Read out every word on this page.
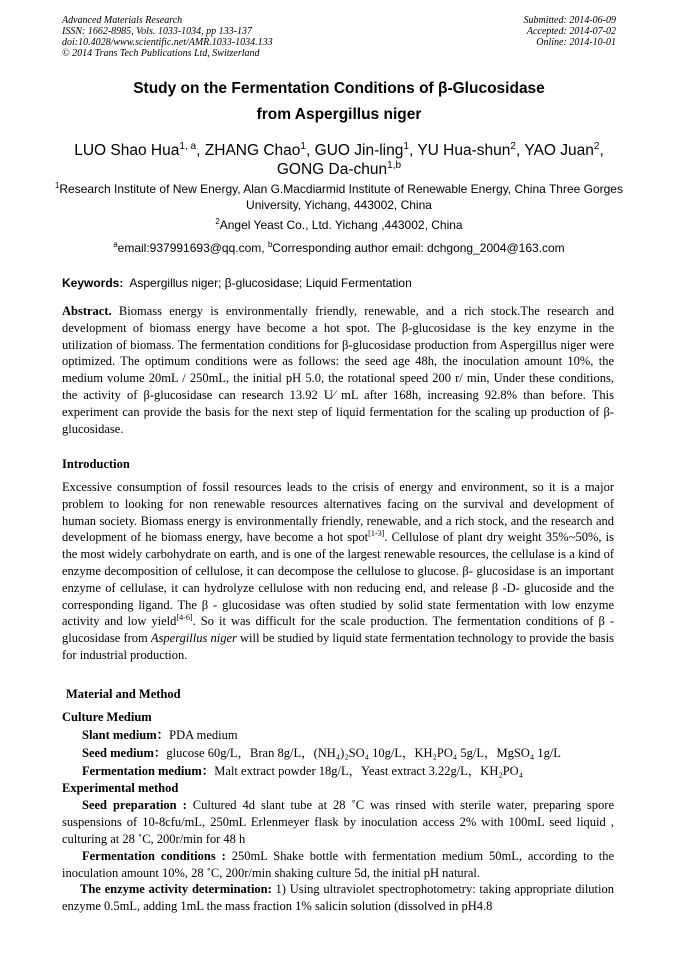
Advanced Materials Research
ISSN: 1662-8985, Vols. 1033-1034, pp 133-137
doi:10.4028/www.scientific.net/AMR.1033-1034.133
© 2014 Trans Tech Publications Ltd, Switzerland
Submitted: 2014-06-09
Accepted: 2014-07-02
Online: 2014-10-01
Study on the Fermentation Conditions of β-Glucosidase
from Aspergillus niger
LUO Shao Hua$^{1, a}$, ZHANG Chao$^1$, GUO Jin-ling$^1$, YU Hua-shun$^2$, YAO Juan$^2$,
GONG Da-chun$^{1,b}$
$^1$Research Institute of New Energy, Alan G.Macdiarmid Institute of Renewable Energy, China Three Gorges University, Yichang, 443002, China
$^2$Angel Yeast Co., Ltd. Yichang ,443002, China
$^a$email:937991693@qq.com, $^b$Corresponding author email: dchgong_2004@163.com
Keywords: Aspergillus niger; β-glucosidase; Liquid Fermentation
Abstract. Biomass energy is environmentally friendly, renewable, and a rich stock.The research and development of biomass energy have become a hot spot. The β-glucosidase is the key enzyme in the utilization of biomass. The fermentation conditions for β-glucosidase production from Aspergillus niger were optimized. The optimum conditions were as follows: the seed age 48h, the inoculation amount 10%, the medium volume 20mL / 250mL, the initial pH 5.0, the rotational speed 200 r/ min, Under these conditions, the activity of β-glucosidase can research 13.92 U⁄ mL after 168h, increasing 92.8% than before. This experiment can provide the basis for the next step of liquid fermentation for the scaling up production of β- glucosidase.
Introduction
Excessive consumption of fossil resources leads to the crisis of energy and environment, so it is a major problem to looking for non renewable resources alternatives facing on the survival and development of human society. Biomass energy is environmentally friendly, renewable, and a rich stock, and the research and development of he biomass energy, have become a hot spot[1-3]. Cellulose of plant dry weight 35%~50%, is the most widely carbohydrate on earth, and is one of the largest renewable resources, the cellulase is a kind of enzyme decomposition of cellulose, it can decompose the cellulose to glucose. β- glucosidase is an important enzyme of cellulase, it can hydrolyze cellulose with non reducing end, and release β -D- glucoside and the corresponding ligand. The β - glucosidase was often studied by solid state fermentation with low enzyme activity and low yield[4-6]. So it was difficult for the scale production. The fermentation conditions of β - glucosidase from Aspergillus niger will be studied by liquid state fermentation technology to provide the basis for industrial production.
Material and Method
Culture Medium
Slant medium：PDA medium
Seed medium：glucose 60g/L，Bran 8g/L，(NH₄)₂SO₄ 10g/L，KH₂PO₄ 5g/L，MgSO₄ 1g/L
Fermentation medium：Malt extract powder 18g/L，Yeast extract 3.22g/L，KH₂PO₄
Experimental method
Seed preparation : Cultured 4d slant tube at 28 ˚C was rinsed with sterile water, preparing spore suspensions of 10-8cfu/mL, 250mL Erlenmeyer flask by inoculation access 2% with 100mL seed liquid , culturing at 28 ˚C, 200r/min for 48 h
Fermentation conditions : 250mL Shake bottle with fermentation medium 50mL, according to the inoculation amount 10%, 28 ˚C, 200r/min shaking culture 5d, the initial pH natural.
The enzyme activity determination: 1) Using ultraviolet spectrophotometry: taking appropriate dilution enzyme 0.5mL, adding 1mL the mass fraction 1% salicin solution (dissolved in pH4.8
